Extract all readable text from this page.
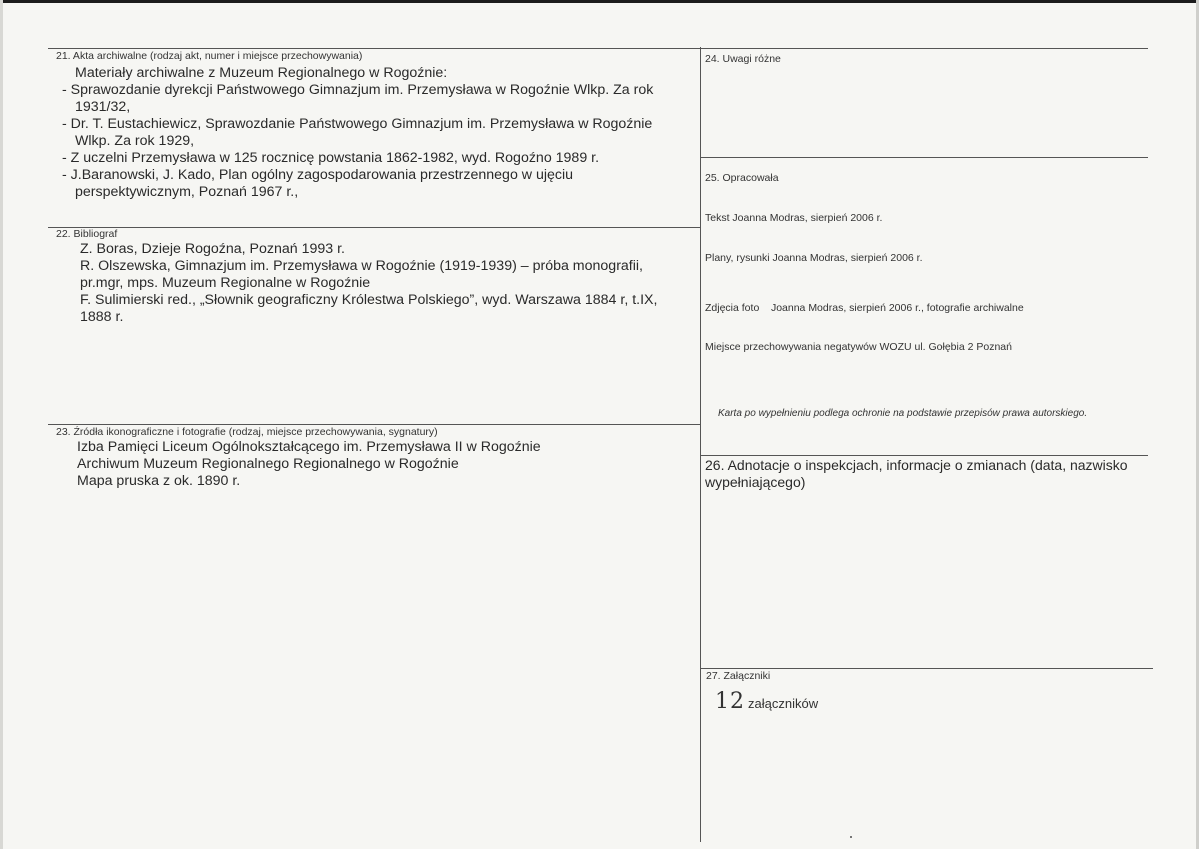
21. Akta archiwalne (rodzaj akt, numer i miejsce przechowywania)
Materiały archiwalne z Muzeum Regionalnego w Rogoźnie:
- Sprawozdanie dyrekcji Państwowego Gimnazjum im. Przemysława w Rogoźnie Wlkp. Za rok
1931/32,
- Dr. T. Eustachiewicz, Sprawozdanie Państwowego Gimnazjum im. Przemysława w Rogoźnie
Wlkp. Za rok 1929,
- Z uczelni Przemysława w 125 rocznicę powstania 1862-1982, wyd. Rogoźno 1989 r.
- J.Baranowski, J. Kado, Plan ogólny zagospodarowania przestrzennego w ujęciu
perspektywicznym, Poznań 1967 r.,
22. Bibliograf
Z. Boras, Dzieje Rogoźna, Poznań 1993 r.
R. Olszewska, Gimnazjum im. Przemysława w Rogoźnie (1919-1939) – próba monografii,
pr.mgr, mps. Muzeum Regionalne w Rogoźnie
F. Sulimierski red., „Słownik geograficzny Królestwa Polskiego”, wyd. Warszawa 1884 r, t.IX,
1888 r.
23. Źródła ikonograficzne i fotografie (rodzaj, miejsce przechowywania, sygnatury)
Izba Pamięci Liceum Ogólnokształcącego im. Przemysława II w Rogoźnie
Archiwum Muzeum Regionalnego Regionalnego w Rogoźnie
Mapa pruska z ok. 1890 r.
24. Uwagi różne
25. Opracowała
Tekst Joanna Modras, sierpień 2006 r.
Plany, rysunki Joanna Modras, sierpień 2006 r.
Zdjęcia foto    Joanna Modras, sierpień 2006 r., fotografie archiwalne
Miejsce przechowywania negatywów WOZU ul. Gołębia 2 Poznań
Karta po wypełnieniu podlega ochronie na podstawie przepisów prawa autorskiego.
26. Adnotacje o inspekcjach, informacje o zmianach (data, nazwisko
wypełniającego)
27. Załączniki
12 załączników
